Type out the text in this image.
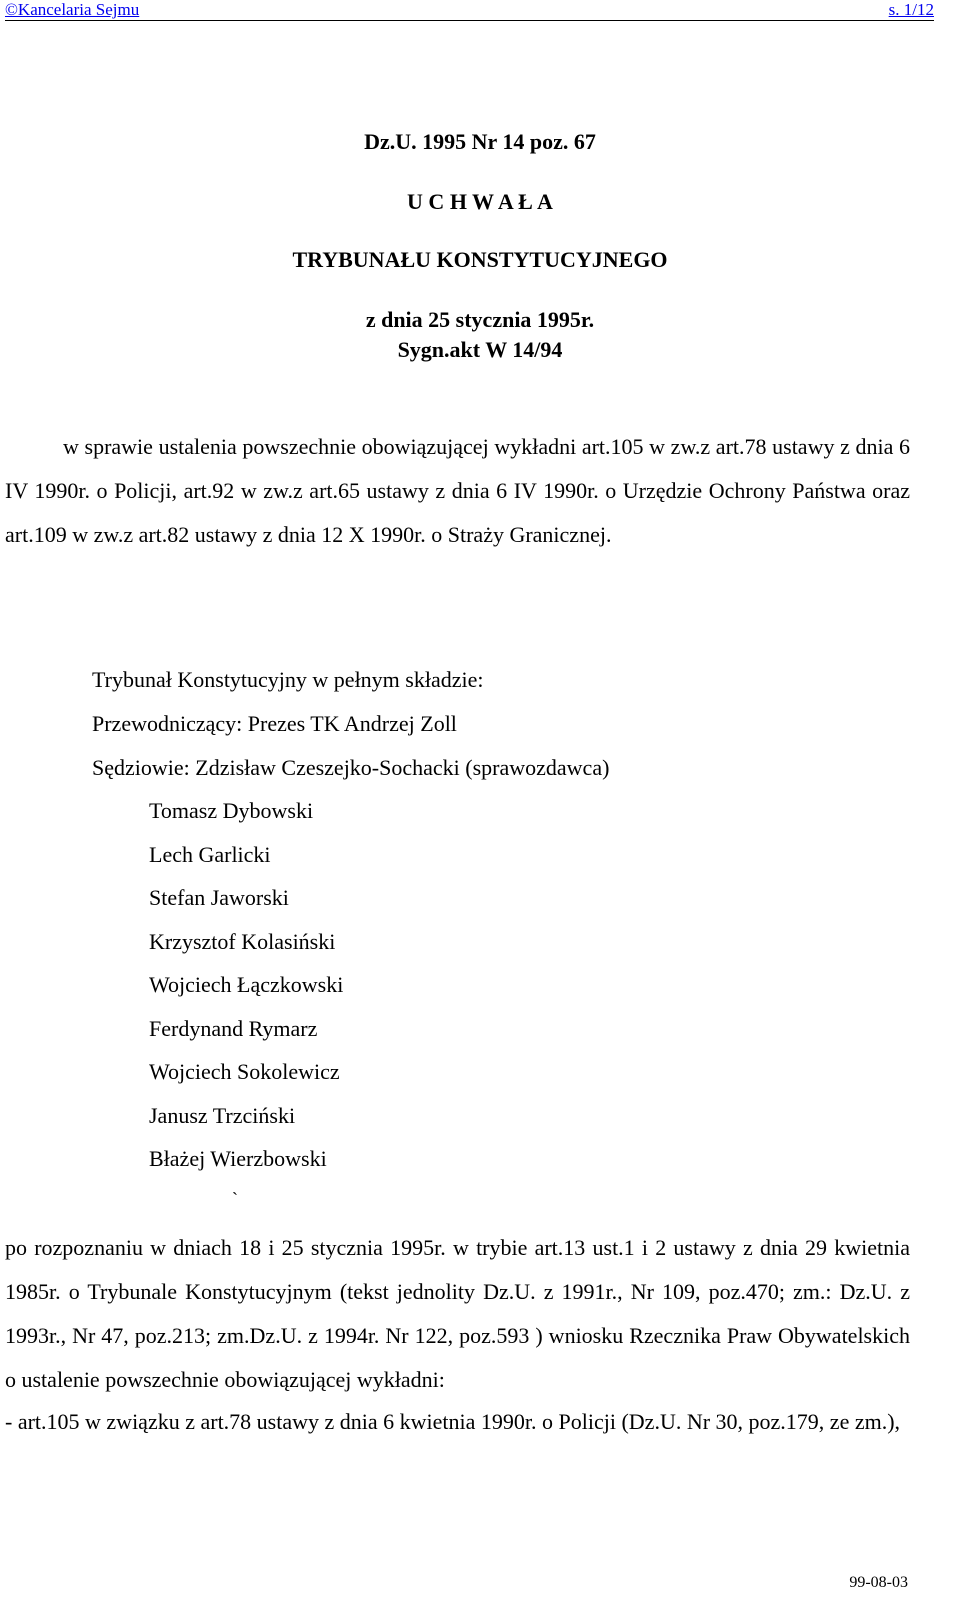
©Kancelaria Sejmu	s. 1/12
Dz.U. 1995 Nr 14 poz. 67
U C H W A Ł A
TRYBUNAŁU KONSTYTUCYJNEGO
z dnia 25 stycznia 1995r.
Sygn.akt W 14/94
w sprawie ustalenia powszechnie obowiązującej wykładni art.105 w zw.z art.78 ustawy z dnia 6 IV 1990r. o Policji, art.92 w zw.z art.65 ustawy z dnia 6 IV 1990r. o Urzędzie Ochrony Państwa oraz art.109 w zw.z art.82 ustawy z dnia 12 X 1990r. o Straży Granicznej.
Trybunał Konstytucyjny w pełnym składzie:
Przewodniczący: Prezes TK Andrzej Zoll
Sędziowie: Zdzisław Czeszejko-Sochacki (sprawozdawca)
Tomasz Dybowski
Lech Garlicki
Stefan Jaworski
Krzysztof Kolasiński
Wojciech Łączkowski
Ferdynand Rymarz
Wojciech Sokolewicz
Janusz Trzciński
Błażej Wierzbowski
`
po rozpoznaniu w dniach 18 i 25 stycznia 1995r. w trybie art.13 ust.1 i 2 ustawy z dnia 29 kwietnia 1985r. o Trybunale Konstytucyjnym (tekst jednolity Dz.U. z 1991r., Nr 109, poz.470; zm.: Dz.U. z 1993r., Nr 47, poz.213; zm.Dz.U. z 1994r. Nr 122, poz.593 ) wniosku Rzecznika Praw Obywatelskich o ustalenie powszechnie obowiązującej wykładni:
- art.105 w związku z art.78 ustawy z dnia 6 kwietnia 1990r. o Policji (Dz.U. Nr 30, poz.179, ze zm.),
99-08-03
